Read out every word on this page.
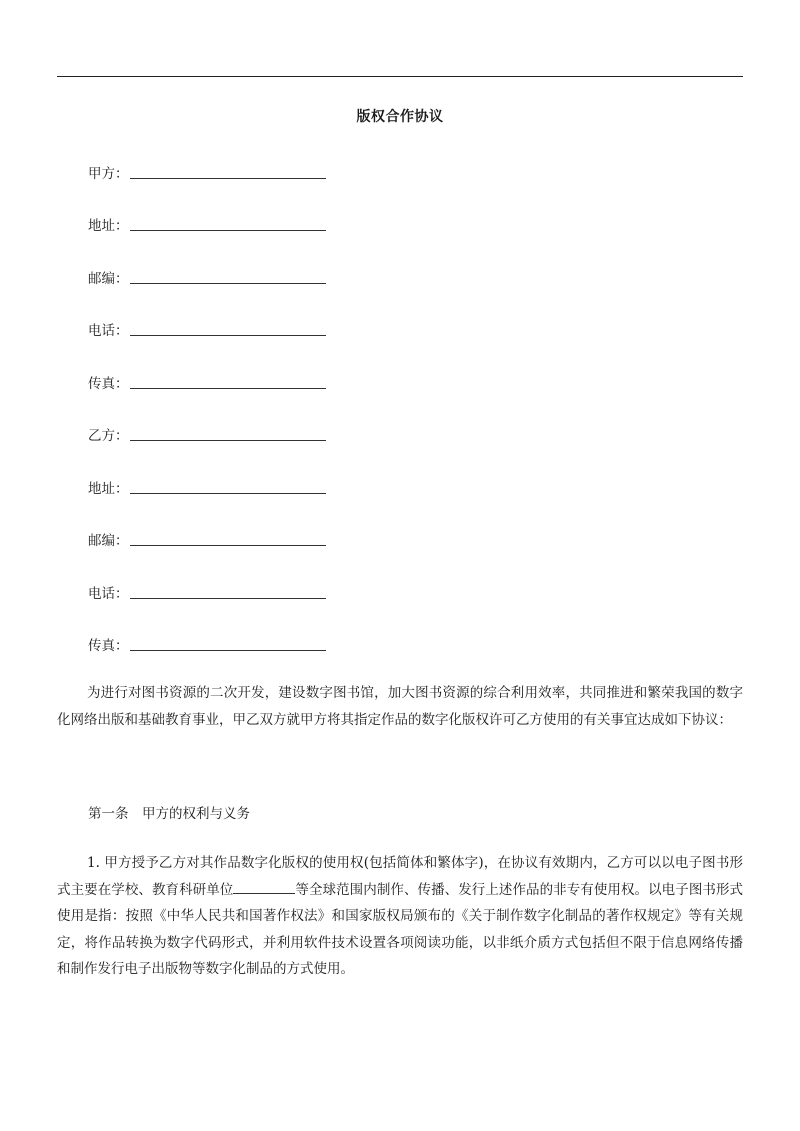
版权合作协议
甲方：
地址：
邮编：
电话：
传真：
乙方：
地址：
邮编：
电话：
传真：

为进行对图书资源的二次开发，建设数字图书馆，加大图书资源的综合利用效率，共同推进和繁荣我国的数字化网络出版和基础教育事业，甲乙双方就甲方将其指定作品的数字化版权许可乙方使用的有关事宜达成如下协议：

第一条　甲方的权利与义务

1. 甲方授予乙方对其作品数字化版权的使用权(包括简体和繁体字)，在协议有效期内，乙方可以以电子图书形式主要在学校、教育科研单位	等全球范围内制作、传播、发行上述作品的非专有使用权。以电子图书形式使用是指：按照《中华人民共和国著作权法》和国家版权局颁布的《关于制作数字化制品的著作权规定》等有关规定，将作品转换为数字代码形式，并利用软件技术设置各项阅读功能，以非纸介质方式包括但不限于信息网络传播和制作发行电子出版物等数字化制品的方式使用。
